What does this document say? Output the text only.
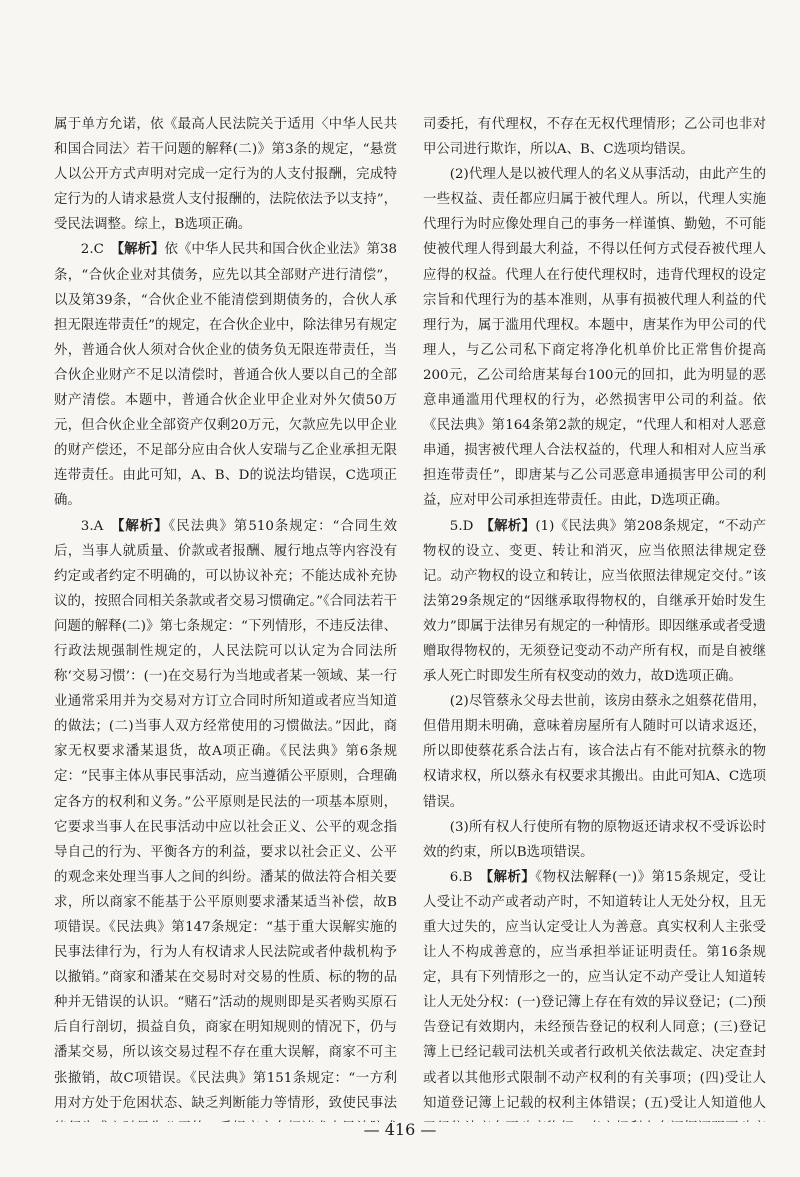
属于单方允诺，依《最高人民法院关于适用〈中华人民共和国合同法〉若干问题的解释(二)》第3条的规定，“悬赏人以公开方式声明对完成一定行为的人支付报酬，完成特定行为的人请求悬赏人支付报酬的，法院依法予以支持”，受民法调整。综上，B选项正确。

2.C  【解析】依《中华人民共和国合伙企业法》第38条，“合伙企业对其债务，应先以其全部财产进行清偿”，以及第39条，“合伙企业不能清偿到期债务的，合伙人承担无限连带责任”的规定，在合伙企业中，除法律另有规定外，普通合伙人须对合伙企业的债务负无限连带责任，当合伙企业财产不足以清偿时，普通合伙人要以自己的全部财产清偿。本题中，普通合伙企业甲企业对外欠债50万元，但合伙企业全部资产仅剩20万元，欠款应先以甲企业的财产偿还，不足部分应由合伙人安瑞与乙企业承担无限连带责任。由此可知，A、B、D的说法均错误，C选项正确。

3.A  【解析】《民法典》第510条规定：“合同生效后，当事人就质量、价款或者报酬、履行地点等内容没有约定或者约定不明确的，可以协议补充；不能达成补充协议的，按照合同相关条款或者交易习惯确定。”《合同法若干问题的解释(二)》第七条规定：“下列情形，不违反法律、行政法规强制性规定的，人民法院可以认定为合同法所称‘交易习惯’：(一)在交易行为当地或者某一领域、某一行业通常采用并为交易对方订立合同时所知道或者应当知道的做法；(二)当事人双方经常使用的习惯做法。”因此，商家无权要求潘某退货，故A项正确。《民法典》第6条规定：“民事主体从事民事活动，应当遵循公平原则，合理确定各方的权利和义务。”公平原则是民法的一项基本原则，它要求当事人在民事活动中应以社会正义、公平的观念指导自己的行为、平衡各方的利益，要求以社会正义、公平的观念来处理当事人之间的纠纷。潘某的做法符合相关要求，所以商家不能基于公平原则要求潘某适当补偿，故B项错误。《民法典》第147条规定：“基于重大误解实施的民事法律行为，行为人有权请求人民法院或者仲裁机构予以撤销。”商家和潘某在交易时对交易的性质、标的物的品种并无错误的认识。“赌石”活动的规则即是买者购买原石后自行剖切，损益自负，商家在明知规则的情况下，仍与潘某交易，所以该交易过程不存在重大误解，商家不可主张撤销，故C项错误。《民法典》第151条规定：“一方利用对方处于危困状态、缺乏判断能力等情形，致使民事法

司委托，有代理权，不存在无权代理情形；乙公司也非对甲公司进行欺诈，所以A、B、C选项均错误。

(2)代理人是以被代理人的名义从事活动，由此产生的一些权益、责任都应归属于被代理人。所以，代理人实施代理行为时应像处理自己的事务一样谨慎、勤勉，不可能使被代理人得到最大利益，不得以任何方式侵吞被代理人应得的权益。代理人在行使代理权时，违背代理权的设定宗旨和代理行为的基本准则，从事有损被代理人利益的代理行为，属于滥用代理权。本题中，唐某作为甲公司的代理人，与乙公司私下商定将净化机单价比正常售价提高200元，乙公司给唐某每台100元的回扣，此为明显的恶意串通滥用代理权的行为，必然损害甲公司的利益。依《民法典》第164条第2款的规定，“代理人和相对人恶意串通，损害被代理人合法权益的，代理人和相对人应当承担连带责任”，即唐某与乙公司恶意串通损害甲公司的利益，应对甲公司承担连带责任。由此，D选项正确。

5.D  【解析】(1)《民法典》第208条规定，“不动产物权的设立、变更、转让和消灭，应当依照法律规定登记。动产物权的设立和转让，应当依照法律规定交付。”该法第29条规定的“因继承取得物权的，自继承开始时发生效力”即属于法律另有规定的一种情形。即因继承或者受遗赠取得物权的，无须登记变动不动产所有权，而是自被继承人死亡时即发生所有权变动的效力，故D选项正确。

(2)尽管蔡永父母去世前，该房由蔡永之姐蔡花借用，但借用期未明确，意味着房屋所有人随时可以请求返还，所以即使蔡花系合法占有，该合法占有不能对抗蔡永的物权请求权，所以蔡永有权要求其搬出。由此可知A、C选项错误。

(3)所有权人行使所有物的原物返还请求权不受诉讼时效的约束，所以B选项错误。

6.B  【解析】《物权法解释(一)》第15条规定，受让人受让不动产或者动产时，不知道转让人无处分权，且无重大过失的，应当认定受让人为善意。真实权利人主张受让人不构成善意的，应当承担举证证明责任。第16条规定，具有下列情形之一的，应当认定不动产受让人知道转让人无处分权：(一)登记簿上存在有效的异议登记；(二)预告登记有效期内，未经预告登记的权利人同意；(三)登记簿上已经记载司法机关或者行政机关依法裁定、决定查封或者以其他形式限制不动产权利的有关事项；(四)受让人知道登记簿上记载的权利主体错误；(五)受让人知道他人

— 416 —
